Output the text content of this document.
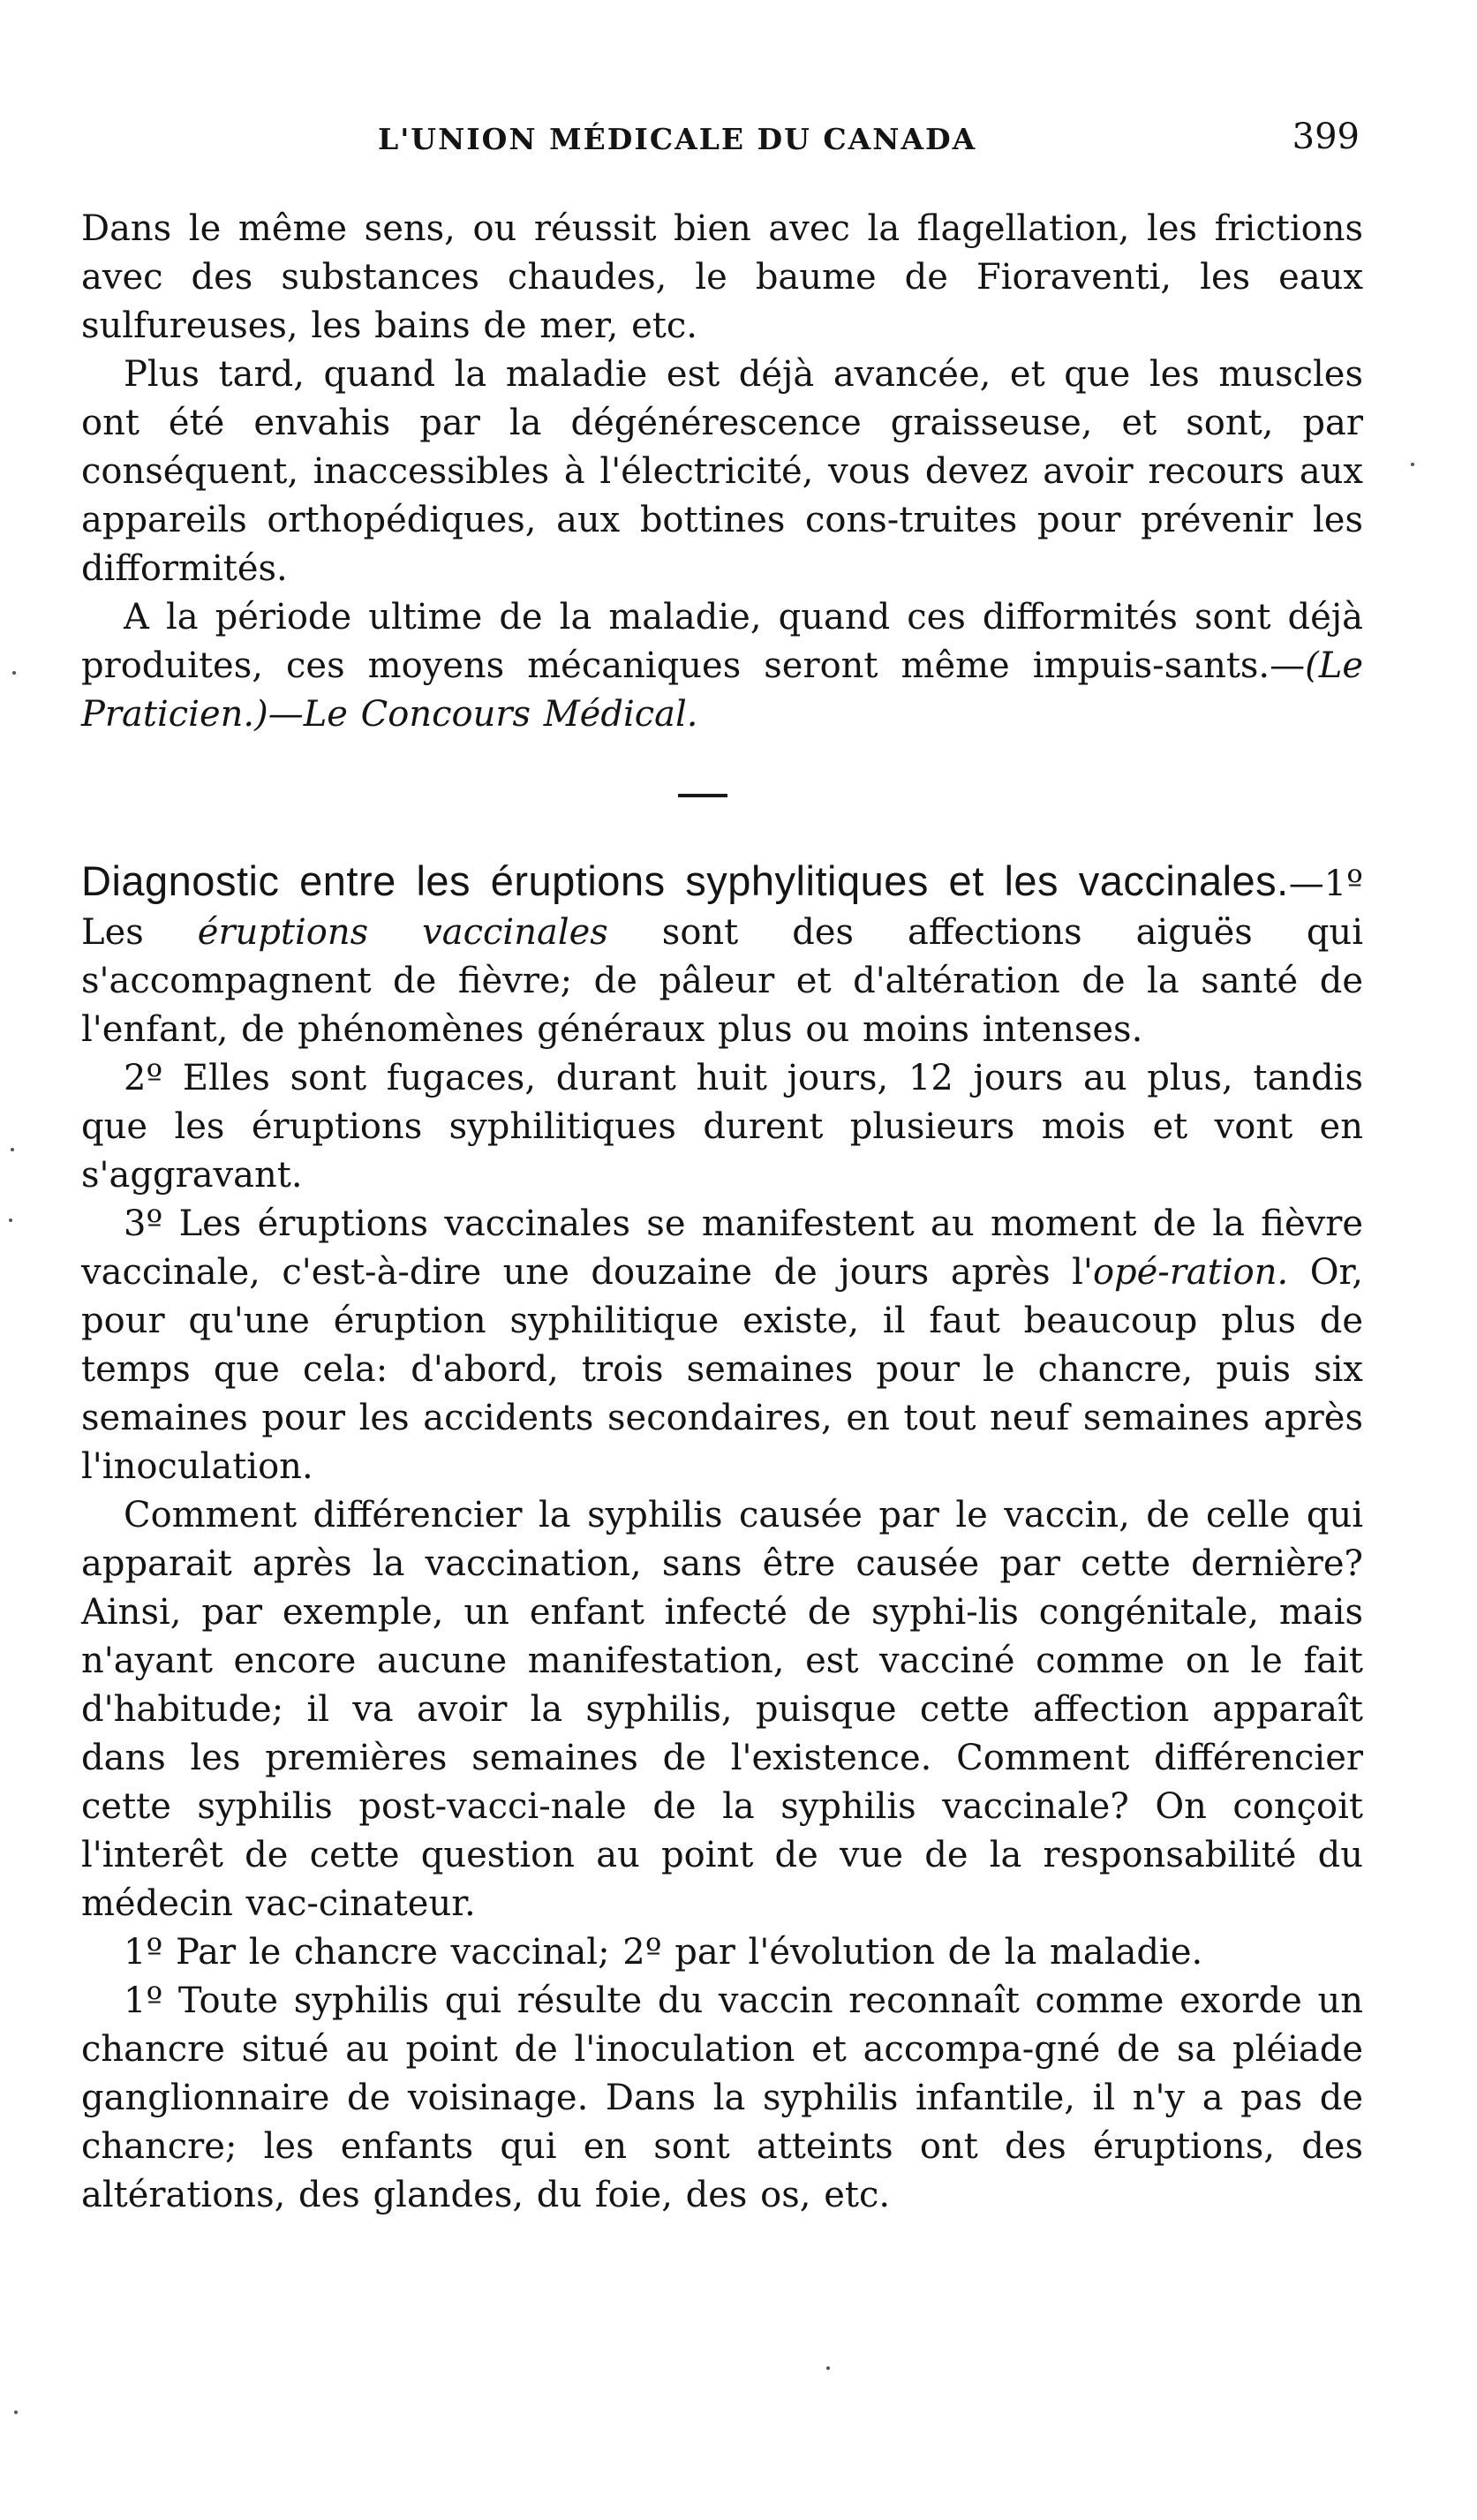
L'UNION MÉDICALE DU CANADA	399

Dans le même sens, ou réussit bien avec la flagellation, les frictions avec des substances chaudes, le baume de Fioraventi, les eaux sulfureuses, les bains de mer, etc.

Plus tard, quand la maladie est déjà avancée, et que les muscles ont été envahis par la dégénérescence graisseuse, et sont, par conséquent, inaccessibles à l'électricité, vous devez avoir recours aux appareils orthopédiques, aux bottines cons-truites pour prévenir les difformités.

A la période ultime de la maladie, quand ces difformités sont déjà produites, ces moyens mécaniques seront même impuis-sants.—(Le Praticien.)—Le Concours Médical.

Diagnostic entre les éruptions syphylitiques et les vaccinales.—1º Les éruptions vaccinales sont des affections aiguës qui s'accompagnent de fièvre; de pâleur et d'altération de la santé de l'enfant, de phénomènes généraux plus ou moins intenses.

2º Elles sont fugaces, durant huit jours, 12 jours au plus, tandis que les éruptions syphilitiques durent plusieurs mois et vont en s'aggravant.

3º Les éruptions vaccinales se manifestent au moment de la fièvre vaccinale, c'est-à-dire une douzaine de jours après l'opé-ration. Or, pour qu'une éruption syphilitique existe, il faut beaucoup plus de temps que cela: d'abord, trois semaines pour le chancre, puis six semaines pour les accidents secondaires, en tout neuf semaines après l'inoculation.

Comment différencier la syphilis causée par le vaccin, de celle qui apparait après la vaccination, sans être causée par cette dernière? Ainsi, par exemple, un enfant infecté de syphi-lis congénitale, mais n'ayant encore aucune manifestation, est vacciné comme on le fait d'habitude; il va avoir la syphilis, puisque cette affection apparaît dans les premières semaines de l'existence. Comment différencier cette syphilis post-vacci-nale de la syphilis vaccinale? On conçoit l'interêt de cette question au point de vue de la responsabilité du médecin vac-cinateur.

1º Par le chancre vaccinal; 2º par l'évolution de la maladie.

1º Toute syphilis qui résulte du vaccin reconnaît comme exorde un chancre situé au point de l'inoculation et accompa-gné de sa pléiade ganglionnaire de voisinage. Dans la syphilis infantile, il n'y a pas de chancre; les enfants qui en sont atteints ont des éruptions, des altérations, des glandes, du foie, des os, etc.
